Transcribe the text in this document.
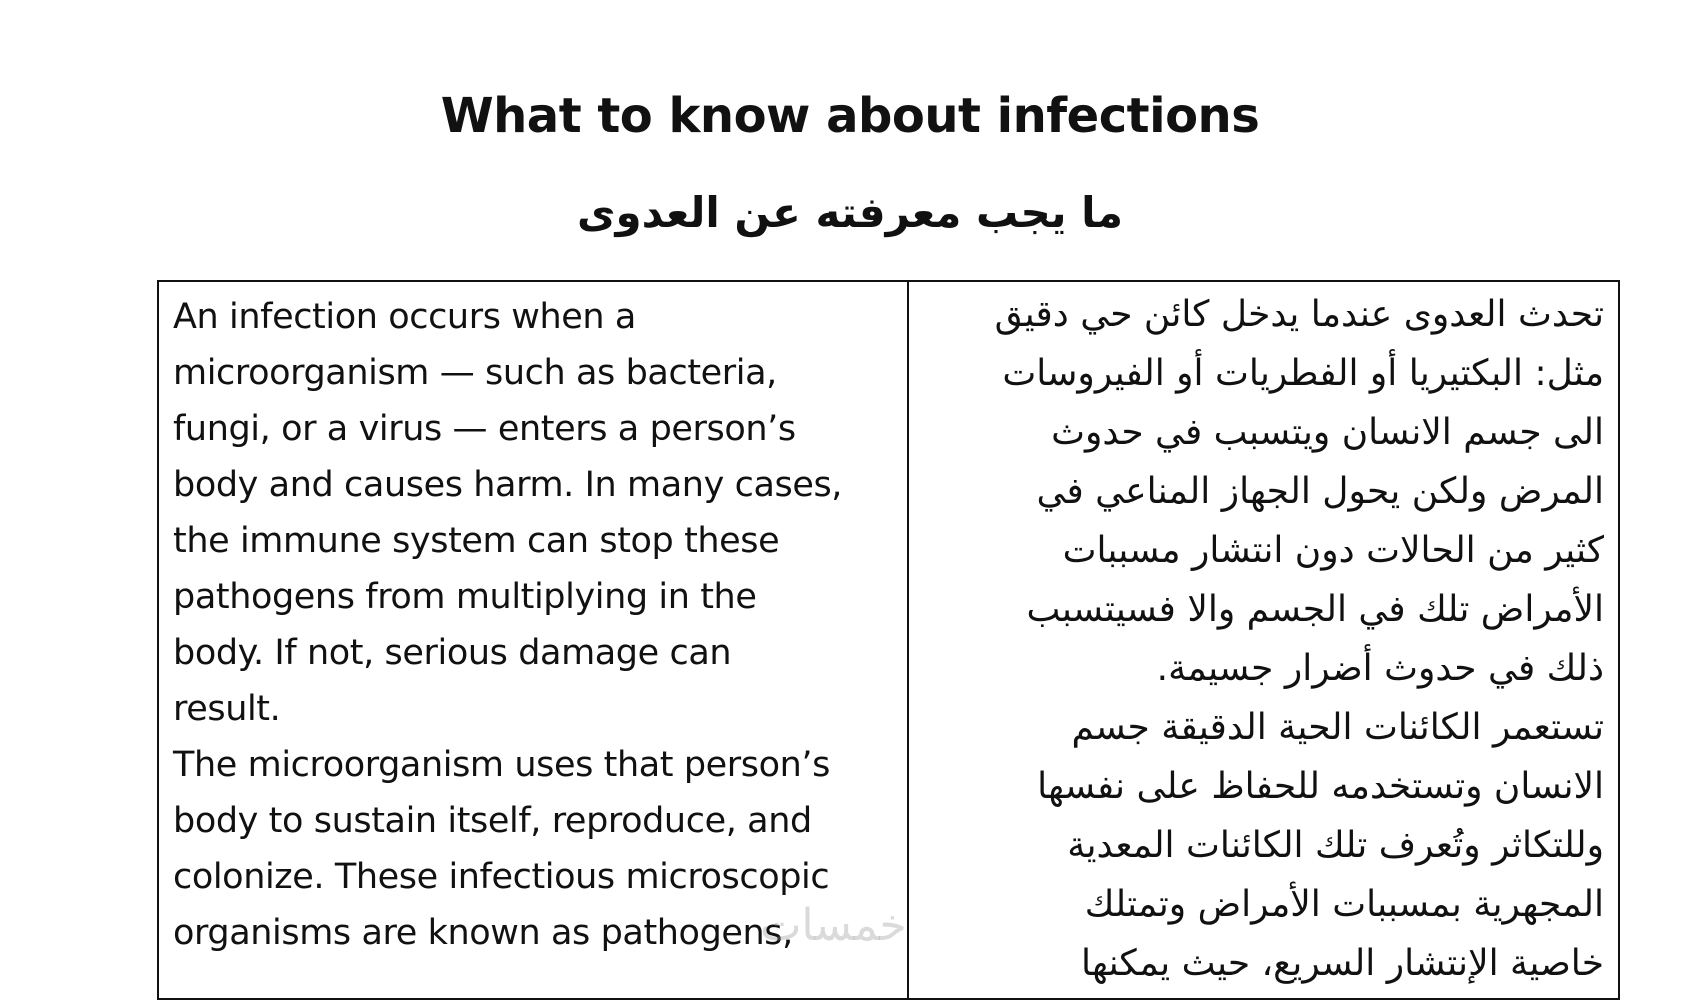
What to know about infections
ما يجب معرفته عن العدوى
An infection occurs when a
microorganism — such as bacteria,
fungi, or a virus — enters a person’s
body and causes harm. In many cases,
the immune system can stop these
pathogens from multiplying in the
body. If not, serious damage can
result.
The microorganism uses that person’s
body to sustain itself, reproduce, and
colonize. These infectious microscopic
organisms are known as pathogens,
تحدث العدوى عندما يدخل كائن حي دقيق
مثل: البكتيريا أو الفطريات أو الفيروسات
الى جسم الانسان ويتسبب في حدوث
المرض ولكن يحول الجهاز المناعي في
كثير من الحالات دون انتشار مسببات
الأمراض تلك في الجسم والا فسيتسبب
ذلك في حدوث أضرار جسيمة.
تستعمر الكائنات الحية الدقيقة جسم
الانسان وتستخدمه للحفاظ على نفسها
وللتكاثر وتُعرف تلك الكائنات المعدية
المجهرية بمسببات الأمراض وتمتلك
خاصية الإنتشار السريع، حيث يمكنها
خمسات
